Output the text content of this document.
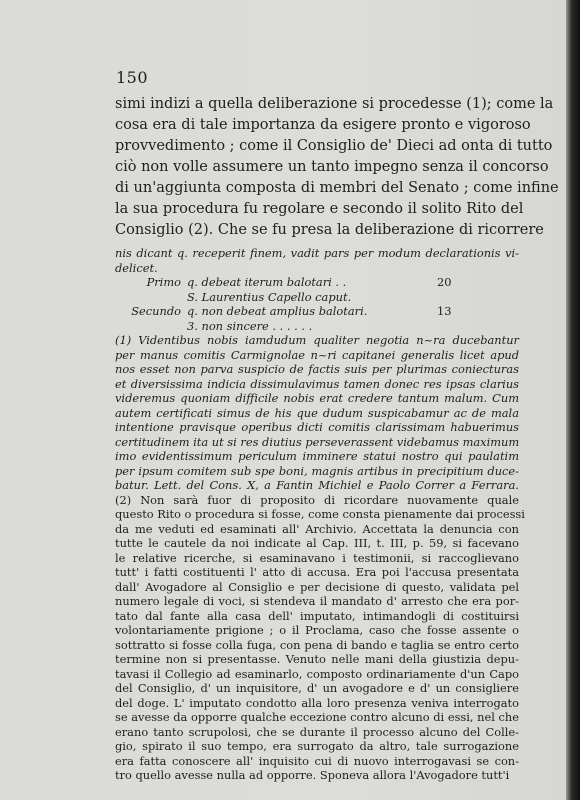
150
simi indizi a quella deliberazione si procedesse (1); come la
cosa era di tale importanza da esigere pronto e vigoroso
provvedimento ; come il Consiglio de' Dieci ad onta di tutto
ciò non volle assumere un tanto impegno senza il concorso
di un'aggiunta composta di membri del Senato ; come infine
la sua procedura fu regolare e secondo il solito Rito del
Consiglio (2). Che se fu presa la deliberazione di ricorrere
nis dicant q. receperit finem, vadit pars per modum declarationis vi-
delicet.
Primo q. debeat iterum balotari . .	20
S. Laurentius Capello caput.
Secundo q. non debeat amplius balotari.	13
3. non sincere . . . . . .
(1) Videntibus nobis iamdudum qualiter negotia n~ra ducebantur
per manus comitis Carmignolae n~ri capitanei generalis licet apud
nos esset non parva suspicio de factis suis per plurimas coniecturas
et diversissima indicia dissimulavimus tamen donec res ipsas clarius
videremus quoniam difficile nobis erat credere tantum malum. Cum
autem certificati simus de his que dudum suspicabamur ac de mala
intentione pravisque operibus dicti comitis clarissimam habuerimus
certitudinem ita ut si res diutius perseverassent videbamus maximum
imo evidentissimum periculum imminere statui nostro qui paulatim
per ipsum comitem sub spe boni, magnis artibus in precipitium duce-
batur. Lett. del Cons. X, a Fantin Michiel e Paolo Correr a Ferrara.
(2) Non sarà fuor di proposito di ricordare nuovamente quale
questo Rito o procedura si fosse, come consta pienamente dai processi
da me veduti ed esaminati all' Archivio. Accettata la denuncia con
tutte le cautele da noi indicate al Cap. III, t. III, p. 59, si facevano
le relative ricerche, si esaminavano i testimonii, si raccoglievano
tutt' i fatti costituenti l' atto di accusa. Era poi l'accusa presentata
dall' Avogadore al Consiglio e per decisione di questo, validata pel
numero legale di voci, si stendeva il mandato d' arresto che era por-
tato dal fante alla casa dell' imputato, intimandogli di costituirsi
volontariamente prigione ; o il Proclama, caso che fosse assente o
sottratto si fosse colla fuga, con pena di bando e taglia se entro certo
termine non si presentasse. Venuto nelle mani della giustizia depu-
tavasi il Collegio ad esaminarlo, composto ordinariamente d'un Capo
del Consiglio, d' un inquisitore, d' un avogadore e d' un consigliere
del doge. L' imputato condotto alla loro presenza veniva interrogato
se avesse da opporre qualche eccezione contro alcuno di essi, nel che
erano tanto scrupolosi, che se durante il processo alcuno del Colle-
gio, spirato il suo tempo, era surrogato da altro, tale surrogazione
era fatta conoscere all' inquisito cui di nuovo interrogavasi se con-
tro quello avesse nulla ad opporre. Sponeva allora l'Avogadore tutt'i
